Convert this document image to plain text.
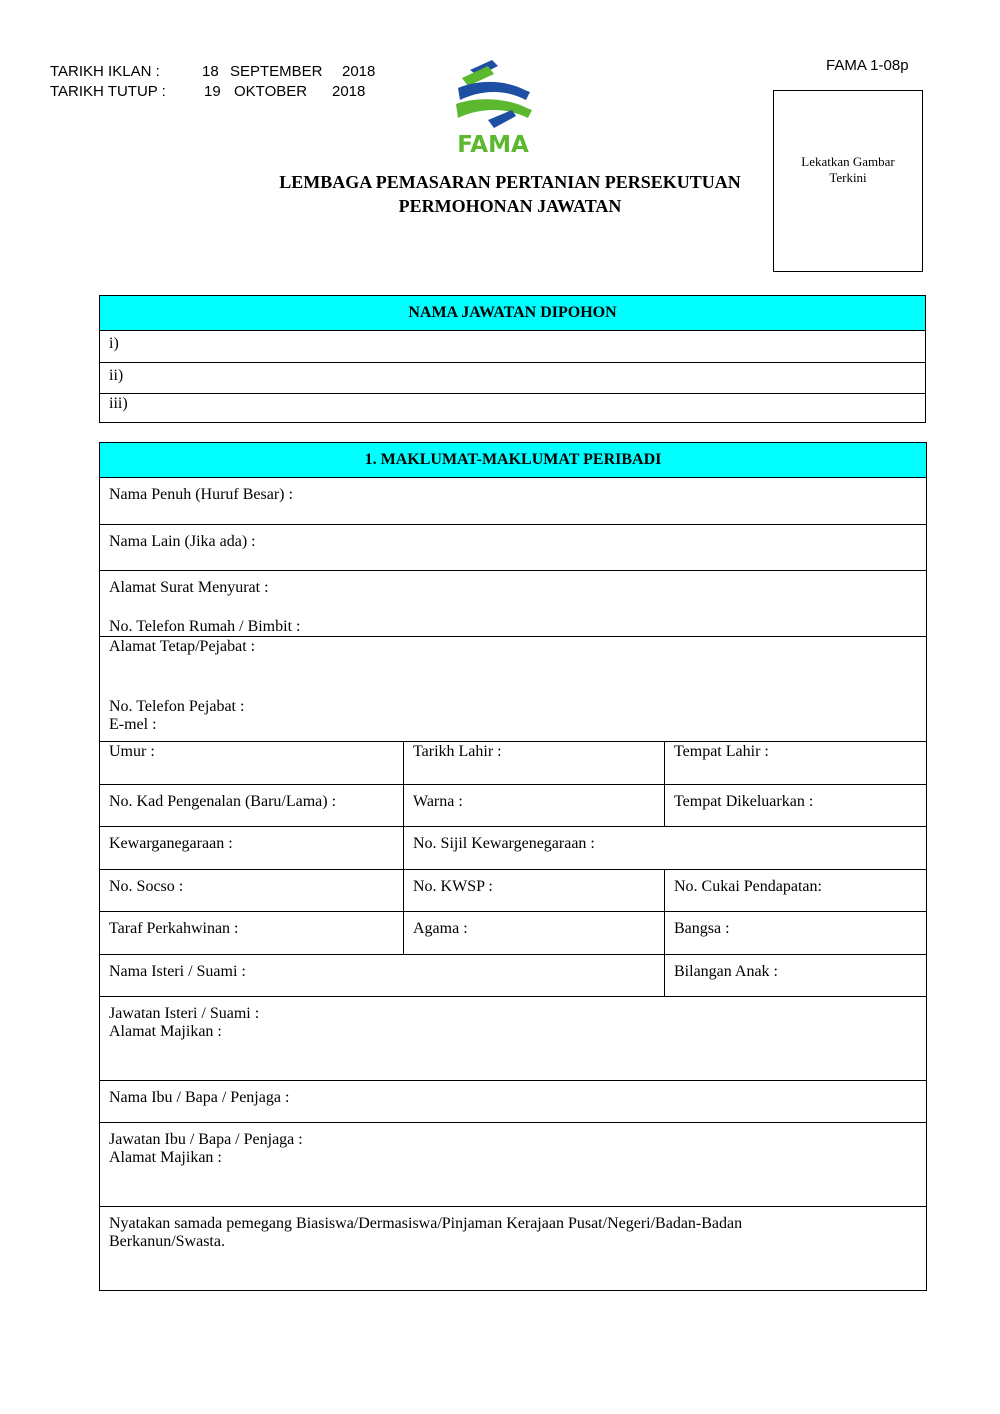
TARIKH IKLAN :	18 SEPTEMBER 2018
TARIKH TUTUP :	19 OKTOBER 2018
FAMA 1-08p
FAMA
LEMBAGA PEMASARAN PERTANIAN PERSEKUTUAN
PERMOHONAN JAWATAN
Lekatkan Gambar
Terkini
NAMA JAWATAN DIPOHON
i)
ii)
iii)
1. MAKLUMAT-MAKLUMAT PERIBADI		
Nama Penuh (Huruf Besar) :		
Nama Lain (Jika ada) :		

Alamat Surat Menyurat :
No. Telefon Rumah / Bimbit :		

Alamat Tetap/Pejabat :
No. Telefon Pejabat :
E-mel :		

Umur :	Tarikh Lahir :	Tempat Lahir :
No. Kad Pengenalan (Baru/Lama) :	Warna :	Tempat Dikeluarkan :
Kewarganegaraan :	No. Sijil Kewargenegaraan :	
No. Socso :	No. KWSP :	No. Cukai Pendapatan:
Taraf Perkahwinan :	Agama :	Bangsa :
Nama Isteri / Suami :		Bilangan Anak :

Jawatan Isteri / Suami :
Alamat Majikan :		

Nama Ibu / Bapa / Penjaga :		

Jawatan Ibu / Bapa / Penjaga :
Alamat Majikan :		

Nyatakan samada pemegang Biasiswa/Dermasiswa/Pinjaman Kerajaan Pusat/Negeri/Badan-Badan Berkanun/Swasta.		
